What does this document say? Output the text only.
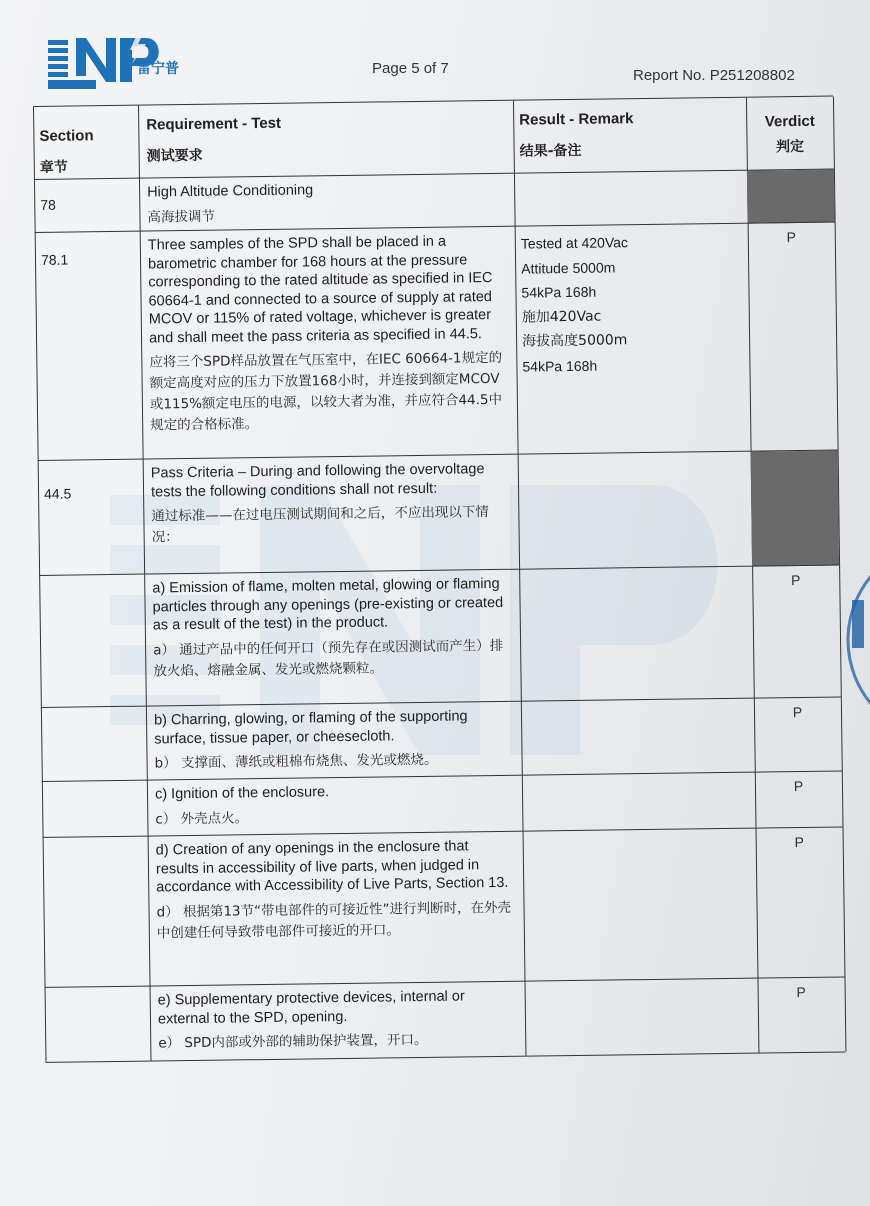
雷宁普	Page 5 of 7	Report No. P251208802
Section
章节
Requirement - Test
测试要求
Result - Remark
结果-备注
Verdict
判定
78
High Altitude Conditioning
高海拔调节
78.1
Three samples of the SPD shall be placed in a barometric chamber for 168 hours at the pressure corresponding to the rated altitude as specified in IEC 60664-1 and connected to a source of supply at rated MCOV or 115% of rated voltage, whichever is greater and shall meet the pass criteria as specified in 44.5.
应将三个SPD样品放置在气压室中，在IEC 60664-1规定的额定高度对应的压力下放置168小时，并连接到额定MCOV或115%额定电压的电源，以较大者为准，并应符合44.5中规定的合格标准。
Tested at 420Vac
Attitude 5000m
54kPa 168h
施加420Vac
海拔高度5000m
54kPa 168h
P
44.5
Pass Criteria – During and following the overvoltage tests the following conditions shall not result:
通过标准——在过电压测试期间和之后，不应出现以下情况：
a) Emission of flame, molten metal, glowing or flaming particles through any openings (pre-existing or created as a result of the test) in the product.
a） 通过产品中的任何开口（预先存在或因测试而产生）排放火焰、熔融金属、发光或燃烧颗粒。
P
b) Charring, glowing, or flaming of the supporting surface, tissue paper, or cheesecloth.
b） 支撑面、薄纸或粗棉布烧焦、发光或燃烧。
P
c) Ignition of the enclosure.
c） 外壳点火。
P
d) Creation of any openings in the enclosure that results in accessibility of live parts, when judged in accordance with Accessibility of Live Parts, Section 13.
d） 根据第13节“带电部件的可接近性”进行判断时，在外壳中创建任何导致带电部件可接近的开口。
P
e) Supplementary protective devices, internal or external to the SPD, opening.
e） SPD内部或外部的辅助保护装置，开口。
P
